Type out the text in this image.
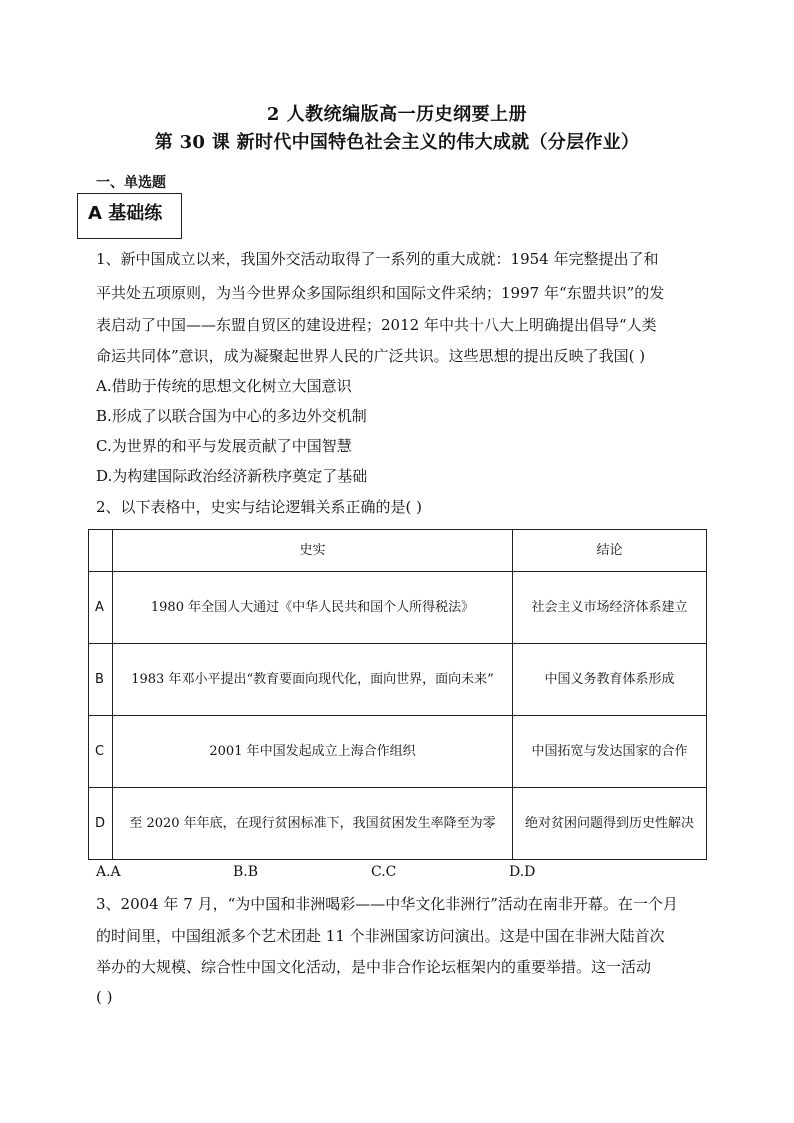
2 人教统编版高一历史纲要上册
第 30 课 新时代中国特色社会主义的伟大成就（分层作业）
一、单选题
A 基础练
1、新中国成立以来，我国外交活动取得了一系列的重大成就：1954 年完整提出了和
平共处五项原则，为当今世界众多国际组织和国际文件采纳；1997 年“东盟共识”的发
表启动了中国——东盟自贸区的建设进程；2012 年中共十八大上明确提出倡导“人类
命运共同体”意识，成为凝聚起世界人民的广泛共识。这些思想的提出反映了我国( )
A.借助于传统的思想文化树立大国意识
B.形成了以联合国为中心的多边外交机制
C.为世界的和平与发展贡献了中国智慧
D.为构建国际政治经济新秩序奠定了基础
2、以下表格中，史实与结论逻辑关系正确的是( )
	史实	结论
A	1980 年全国人大通过《中华人民共和国个人所得税法》	社会主义市场经济体系建立
B	1983 年邓小平提出“教育要面向现代化，面向世界，面向未来”	中国义务教育体系形成
C	2001 年中国发起成立上海合作组织	中国拓宽与发达国家的合作
D	至 2020 年年底，在现行贫困标准下，我国贫困发生率降至为零	绝对贫困问题得到历史性解决
A.A	B.B	C.C	D.D
3、2004 年 7 月，“为中国和非洲喝彩——中华文化非洲行”活动在南非开幕。在一个月
的时间里，中国组派多个艺术团赴 11 个非洲国家访问演出。这是中国在非洲大陆首次
举办的大规模、综合性中国文化活动，是中非合作论坛框架内的重要举措。这一活动
( )
